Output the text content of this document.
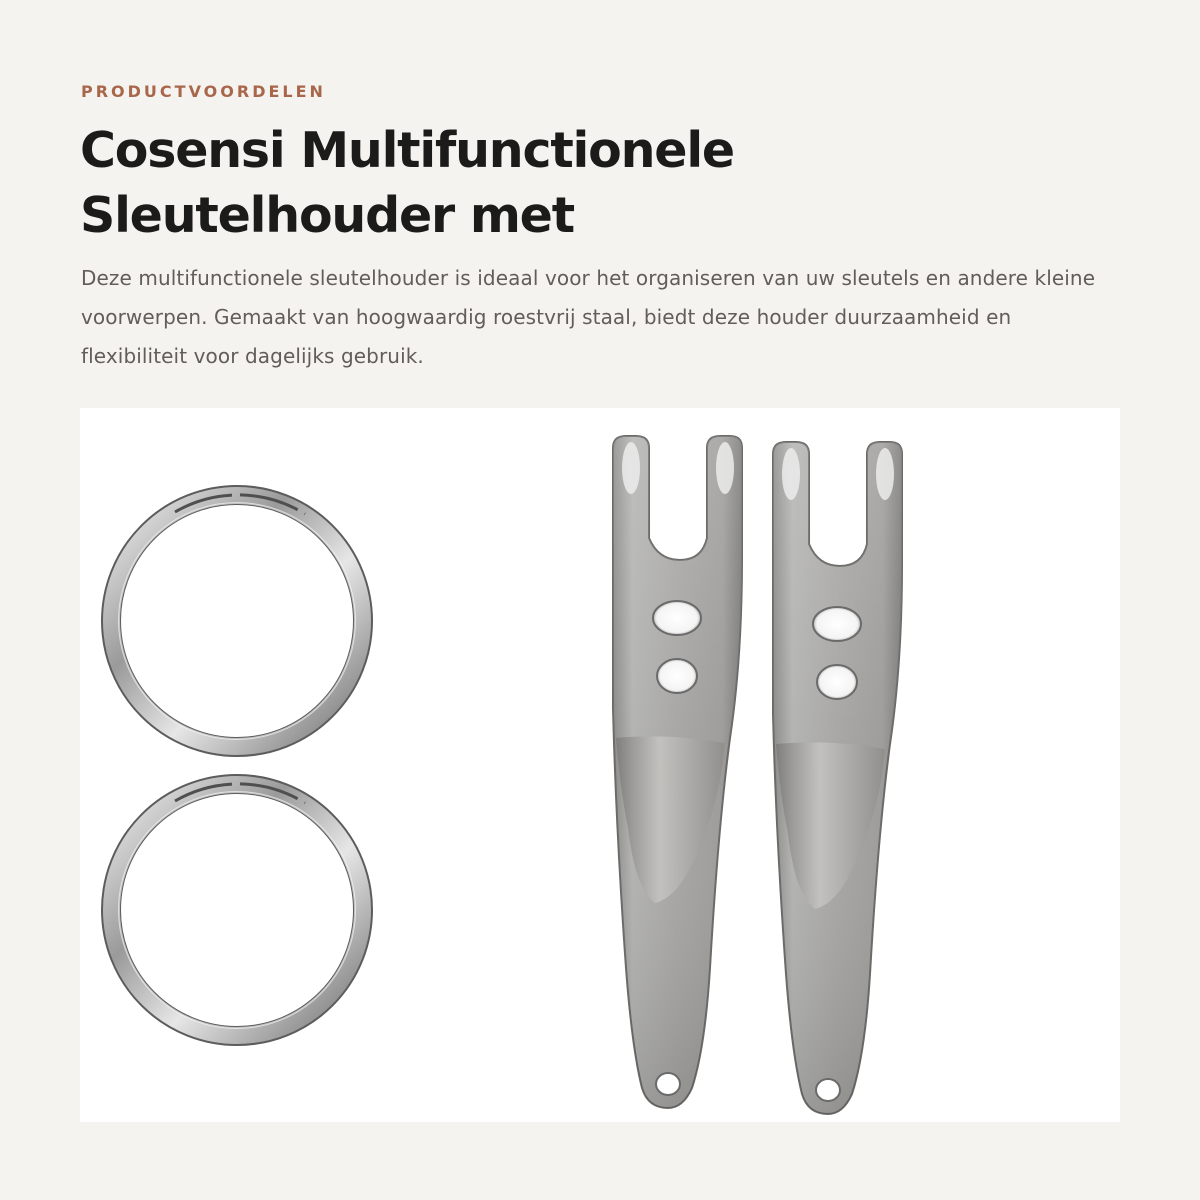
PRODUCTVOORDELEN

Cosensi Multifunctionele Sleutelhouder met

Deze multifunctionele sleutelhouder is ideaal voor het organiseren van uw sleutels en andere kleine voorwerpen. Gemaakt van hoogwaardig roestvrij staal, biedt deze houder duurzaamheid en flexibiliteit voor dagelijks gebruik.
